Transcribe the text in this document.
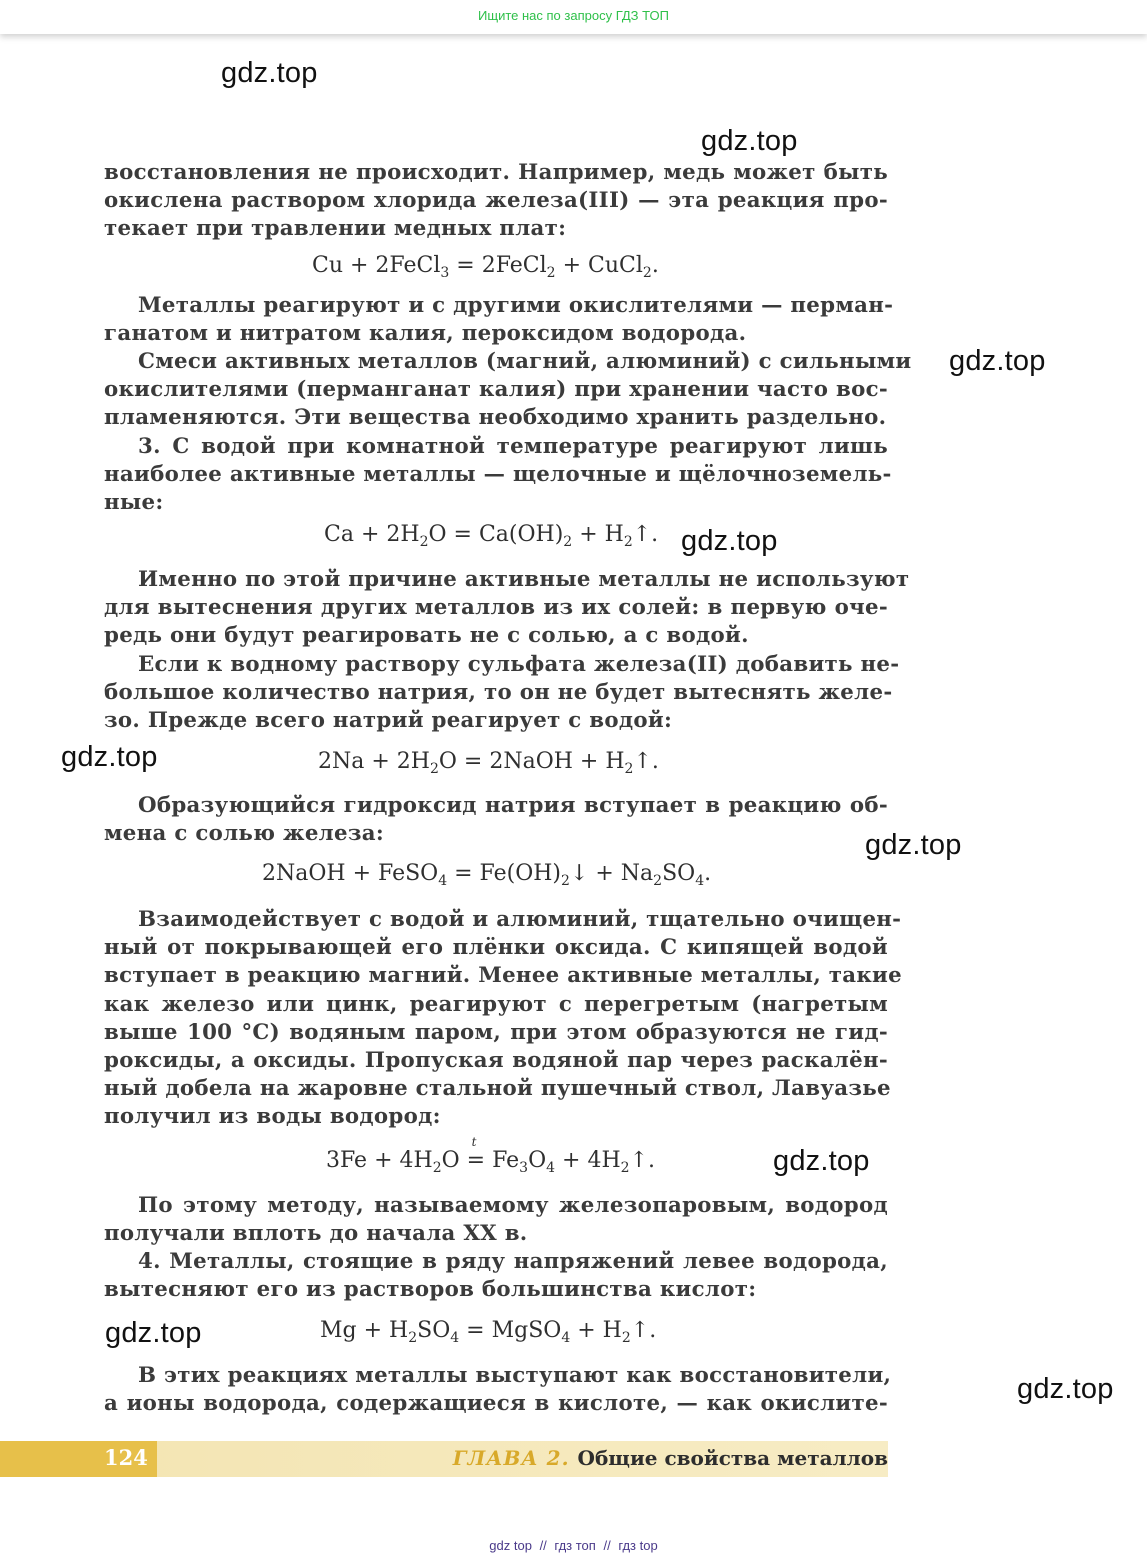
Ищите нас по запросу ГДЗ ТОП
gdz.top
gdz.top
gdz.top
gdz.top
gdz.top
gdz.top
gdz.top
gdz.top
gdz.top
восстановления не происходит. Например, медь может быть
окислена раствором хлорида железа(III) — эта реакция про-
текает при травлении медных плат:
Cu + 2FeCl$_3$ = 2FeCl$_2$ + CuCl$_2$.
Металлы реагируют и с другими окислителями — перман-
ганатом и нитратом калия, пероксидом водорода.
Смеси активных металлов (магний, алюминий) с сильными
окислителями (перманганат калия) при хранении часто вос-
пламеняются. Эти вещества необходимо хранить раздельно.
3. С водой при комнатной температуре реагируют лишь
наиболее активные металлы — щелочные и щёлочноземель-
ные:
$Ca + 2H_2O = Ca(OH)_2$ + $H_2↑$.
Именно по этой причине активные металлы не используют
для вытеснения других металлов из их солей: в первую оче-
редь они будут реагировать не с солью, а с водой.
Если к водному раствору сульфата железа(II) добавить не-
большое количество натрия, то он не будет вытеснять желе-
зо. Прежде всего натрий реагирует с водой:
$2Na + 2H_2O$ = 2NaOH + $H_2↑$.
Образующийся гидроксид натрия вступает в реакцию об-
мена с солью железа:
2NaOH + FeSO$_4$ = $Fe(OH)_2↓ + Na_2SO_4$.
Взаимодействует с водой и алюминий, тщательно очищен-
ный от покрывающей его плёнки оксида. С кипящей водой
вступает в реакцию магний. Менее активные металлы, такие
как железо или цинк, реагируют с перегретым (нагретым
выше 100 °C) водяным паром, при этом образуются не гид-
роксиды, а оксиды. Пропуская водяной пар через раскалён-
ный добела на жаровне стальной пушечный ствол, Лавуазье
получил из воды водород:
$3Fe + 4H_2O$
t
= $Fe_3O_4$ + $4H_2↑$.
По этому методу, называемому железопаровым, водород
получали вплоть до начала XX в.
4. Металлы, стоящие в ряду напряжений левее водорода,
вытесняют его из растворов большинства кислот:
$Mg + H_2SO_4$ = MgSO$_4$ + $H_2↑$.
В этих реакциях металлы выступают как восстановители,
а ионы водорода, содержащиеся в кислоте, — как окислите-
124	ГЛАВА 2. Общие свойства металлов
gdz top // гдз топ // гдз top
